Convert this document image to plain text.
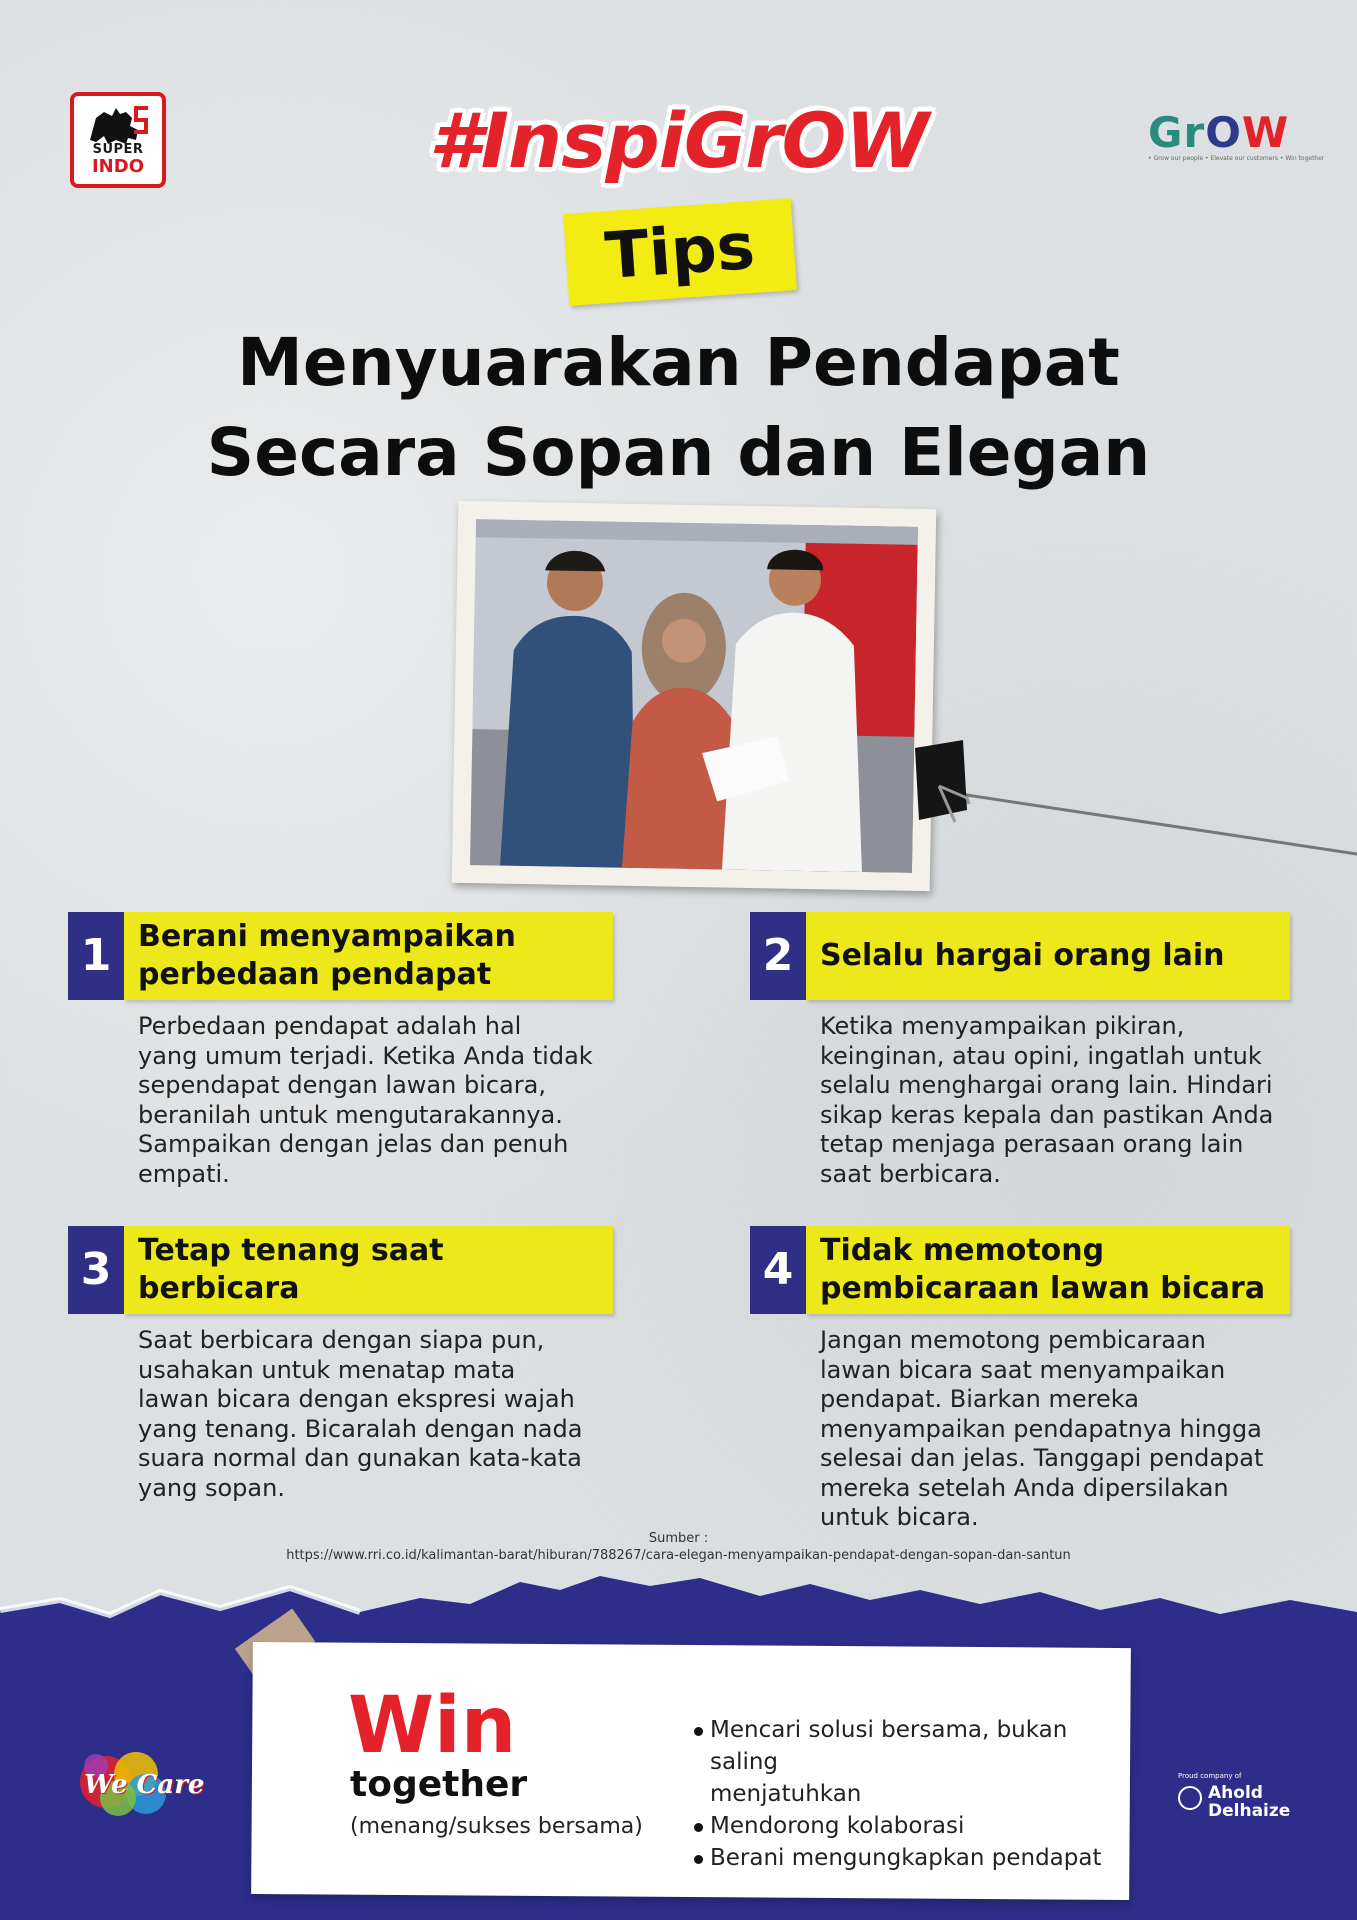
SUPER
INDO	#InspiGrOW	GrOW
• Grow our people • Elevate our customers • Win together
Tips
Menyuarakan Pendapat
Secara Sopan dan Elegan
1 Berani menyampaikan
perbedaan pendapat
Perbedaan pendapat adalah hal
yang umum terjadi. Ketika Anda tidak
sependapat dengan lawan bicara,
beranilah untuk mengutarakannya.
Sampaikan dengan jelas dan penuh
empati.
2 Selalu hargai orang lain
Ketika menyampaikan pikiran,
keinginan, atau opini, ingatlah untuk
selalu menghargai orang lain. Hindari
sikap keras kepala dan pastikan Anda
tetap menjaga perasaan orang lain
saat berbicara.
3 Tetap tenang saat
berbicara
Saat berbicara dengan siapa pun,
usahakan untuk menatap mata
lawan bicara dengan ekspresi wajah
yang tenang. Bicaralah dengan nada
suara normal dan gunakan kata-kata
yang sopan.
4 Tidak memotong
pembicaraan lawan bicara
Jangan memotong pembicaraan
lawan bicara saat menyampaikan
pendapat. Biarkan mereka
menyampaikan pendapatnya hingga
selesai dan jelas. Tanggapi pendapat
mereka setelah Anda dipersilakan
untuk bicara.
Sumber :
https://www.rri.co.id/kalimantan-barat/hiburan/788267/cara-elegan-menyampaikan-pendapat-dengan-sopan-dan-santun
Win
together
(menang/sukses bersama)
Mencari solusi bersama, bukan saling
menjatuhkan
Mendorong kolaborasi
Berani mengungkapkan pendapat
We Care	Proud company of
Ahold
Delhaize
